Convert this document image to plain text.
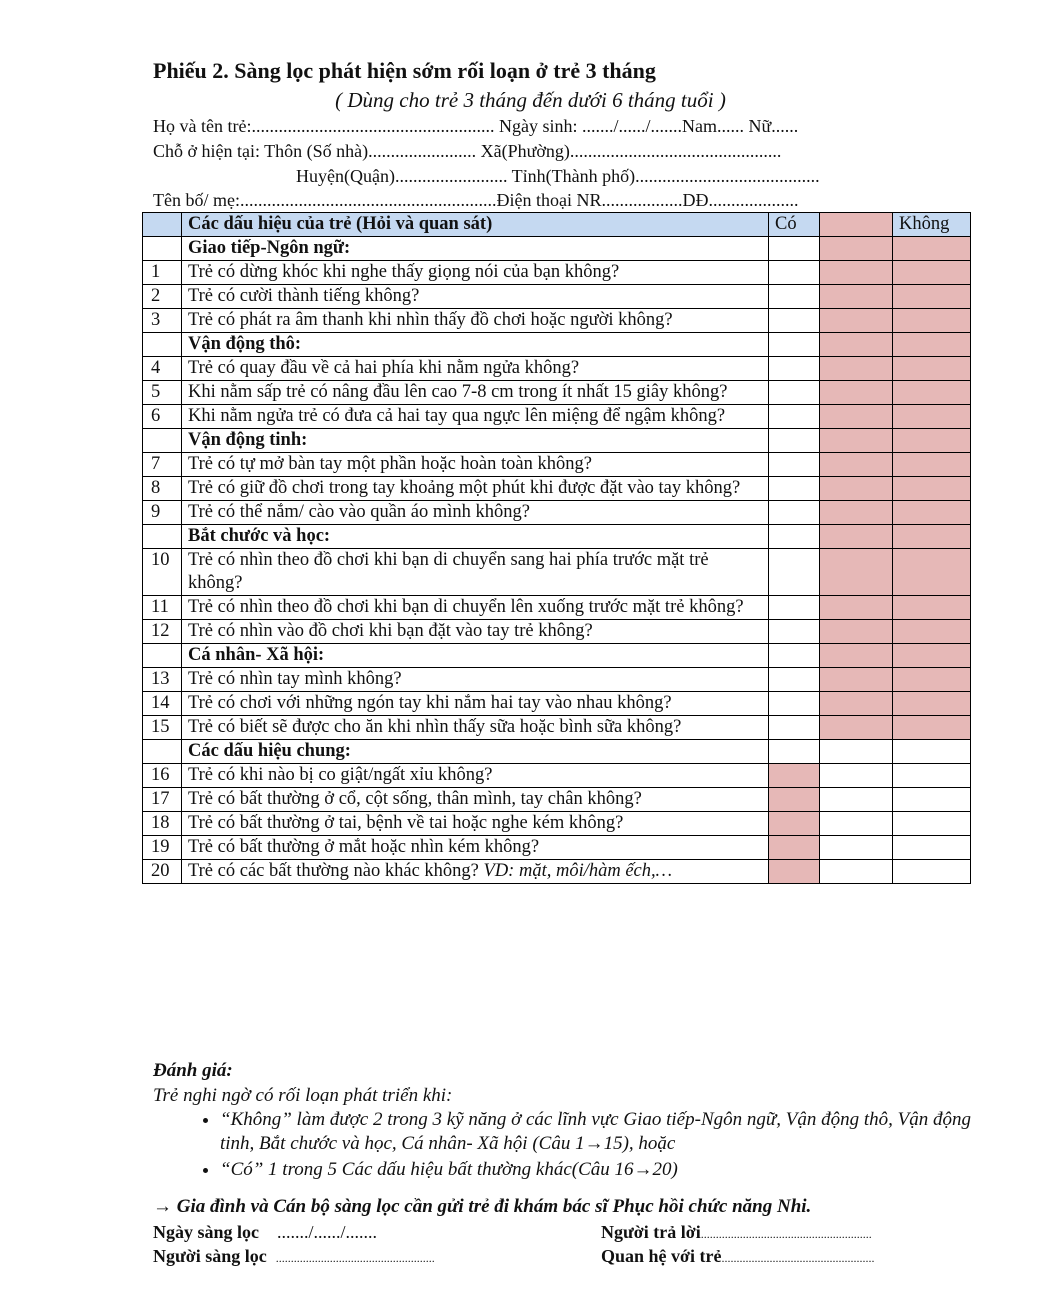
Phiếu 2. Sàng lọc phát hiện sớm rối loạn ở trẻ 3 tháng
( Dùng cho trẻ 3 tháng đến dưới 6 tháng tuổi )
Họ và tên trẻ:...................................................... Ngày sinh: ......./....../.......Nam...... Nữ......
Chỗ ở hiện tại: Thôn (Số nhà)........................ Xã(Phường)...............................................
Huyện(Quận)......................... Tỉnh(Thành phố).........................................
Tên bố/ mẹ:.........................................................Điện thoại NR..................DĐ....................
	Các dấu hiệu của trẻ (Hỏi và quan sát)	Có		Không
	Giao tiếp-Ngôn ngữ:			
1	Trẻ có dừng khóc khi nghe thấy giọng nói của bạn không?			
2	Trẻ có cười thành tiếng không?			
3	Trẻ có phát ra âm thanh khi nhìn thấy đồ chơi hoặc người không?			
	Vận động thô:			
4	Trẻ có quay đầu về cả hai phía khi nằm ngửa không?			
5	Khi nằm sấp trẻ có nâng đầu lên cao 7-8 cm trong ít nhất 15 giây không?			
6	Khi nằm ngửa trẻ có đưa cả hai tay qua ngực lên miệng để ngậm không?			
	Vận động tinh:			
7	Trẻ có tự mở bàn tay một phần hoặc hoàn toàn không?			
8	Trẻ có giữ đồ chơi trong tay khoảng một phút khi được đặt vào tay không?			
9	Trẻ có thể nắm/ cào vào quần áo mình không?			
	Bắt chước và học:			
10	Trẻ có nhìn theo đồ chơi khi bạn di chuyển sang hai phía trước mặt trẻ không?			
11	Trẻ có nhìn theo đồ chơi khi bạn di chuyển lên xuống trước mặt trẻ không?			
12	Trẻ có nhìn vào đồ chơi khi bạn đặt vào tay trẻ không?			
	Cá nhân- Xã hội:			
13	Trẻ có nhìn tay mình không?			
14	Trẻ có chơi với những ngón tay khi nắm hai tay vào nhau không?			
15	Trẻ có biết sẽ được cho ăn khi nhìn thấy sữa hoặc bình sữa không?			
	Các dấu hiệu chung:			
16	Trẻ có khi nào bị co giật/ngất xỉu không?			
17	Trẻ có bất thường ở cổ, cột sống, thân mình, tay chân không?			
18	Trẻ có bất thường ở tai, bệnh về tai hoặc nghe kém không?			
19	Trẻ có bất thường ở mắt hoặc nhìn kém không?			
20	Trẻ có các bất thường nào khác không? VD: mặt, môi/hàm ếch,…			
Đánh giá:
Trẻ nghi ngờ có rối loạn phát triển khi:
• “Không” làm được 2 trong 3 kỹ năng ở các lĩnh vực Giao tiếp-Ngôn ngữ, Vận động thô, Vận động tinh, Bắt chước và học, Cá nhân- Xã hội (Câu 1→15), hoặc
• “Có” 1 trong 5 Các dấu hiệu bất thường khác(Câu 16→20)
→ Gia đình và Cán bộ sàng lọc cần gửi trẻ đi khám bác sĩ Phục hồi chức năng Nhi.
Ngày sàng lọc ......./....../.......	Người trả lời.........................................................
Người sàng lọc .....................................................	Quan hệ với trẻ...................................................
